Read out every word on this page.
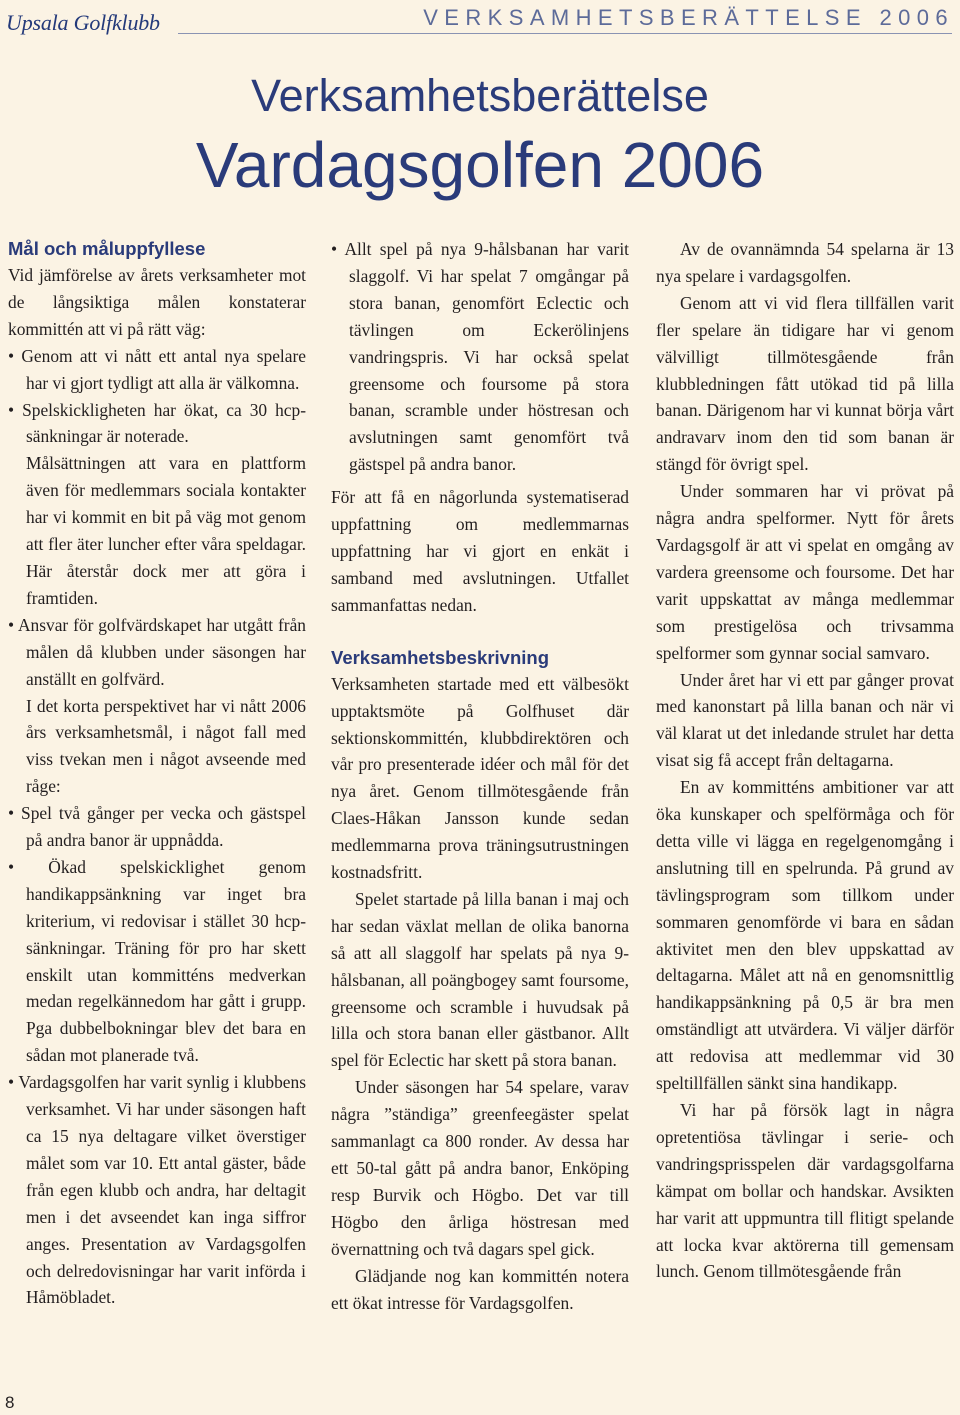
Upsala Golfklubb	VERKSAMHETSBERÄTTELSE 2006
Verksamhetsberättelse
Vardagsgolfen 2006

Mål och måluppfyllese

Vid jämförelse av årets verksamheter mot de långsiktiga målen konstaterar kommittén att vi på rätt väg:

• Genom att vi nått ett antal nya spelare har vi gjort tydligt att alla är välkomna.

• Spelskickligheten har ökat, ca 30 hcp-sänkningar är noterade.

Målsättningen att vara en plattform även för medlemmars sociala kontakter har vi kommit en bit på väg mot genom att fler äter luncher efter våra speldagar. Här återstår dock mer att göra i framtiden.

• Ansvar för golfvärdskapet har utgått från målen då klubben under säsongen har anställt en golfvärd.

I det korta perspektivet har vi nått 2006 års verksamhetsmål, i något fall med viss tvekan men i något avseende med råge:

• Spel två gånger per vecka och gästspel på andra banor är uppnådda.

• Ökad spelskicklighet genom handikappsänkning var inget bra kriterium, vi redovisar i stället 30 hcp-sänkningar. Träning för pro har skett enskilt utan kommitténs medverkan medan regelkännedom har gått i grupp. Pga dubbelbokningar blev det bara en sådan mot planerade två.

• Vardagsgolfen har varit synlig i klubbens verksamhet. Vi har under säsongen haft ca 15 nya deltagare vilket överstiger målet som var 10. Ett antal gäster, både från egen klubb och andra, har deltagit men i det avseendet kan inga siffror anges. Presentation av Vardagsgolfen och delredovisningar har varit införda i Håmöbladet.

• Allt spel på nya 9-hålsbanan har varit slaggolf. Vi har spelat 7 omgångar på stora banan, genomfört Eclectic och tävlingen om Eckerölinjens vandringspris. Vi har också spelat greensome och foursome på stora banan, scramble under höstresan och avslutningen samt genomfört två gästspel på andra banor.

För att få en någorlunda systematiserad uppfattning om medlemmarnas uppfattning har vi gjort en enkät i samband med avslutningen. Utfallet sammanfattas nedan.

Verksamhetsbeskrivning

Verksamheten startade med ett välbesökt upptaktsmöte på Golfhuset där sektionskommittén, klubbdirektören och vår pro presenterade idéer och mål för det nya året. Genom tillmötesgående från Claes-Håkan Jansson kunde sedan medlemmarna prova träningsutrustningen kostnadsfritt.

Spelet startade på lilla banan i maj och har sedan växlat mellan de olika banorna så att all slaggolf har spelats på nya 9-hålsbanan, all poängbogey samt foursome, greensome och scramble i huvudsak på lilla och stora banan eller gästbanor. Allt spel för Eclectic har skett på stora banan.

Under säsongen har 54 spelare, varav några ”ständiga” greenfeegäster spelat sammanlagt ca 800 ronder. Av dessa har ett 50-tal gått på andra banor, Enköping resp Burvik och Högbo. Det var till Högbo den årliga höstresan med övernattning och två dagars spel gick.

Glädjande nog kan kommittén notera ett ökat intresse för Vardagsgolfen.

Av de ovannämnda 54 spelarna är 13 nya spelare i vardagsgolfen.

Genom att vi vid flera tillfällen varit fler spelare än tidigare har vi genom välvilligt tillmötesgående från klubbledningen fått utökad tid på lilla banan. Därigenom har vi kunnat börja vårt andravarv inom den tid som banan är stängd för övrigt spel.

Under sommaren har vi prövat på några andra spelformer. Nytt för årets Vardagsgolf är att vi spelat en omgång av vardera greensome och foursome. Det har varit uppskattat av många medlemmar som prestigelösa och trivsamma spelformer som gynnar social samvaro.

Under året har vi ett par gånger provat med kanonstart på lilla banan och när vi väl klarat ut det inledande strulet har detta visat sig få accept från deltagarna.

En av kommitténs ambitioner var att öka kunskaper och spelförmåga och för detta ville vi lägga en regelgenomgång i anslutning till en spelrunda. På grund av tävlingsprogram som tillkom under sommaren genomförde vi bara en sådan aktivitet men den blev uppskattad av deltagarna. Målet att nå en genomsnittlig handikappsänkning på 0,5 är bra men omständligt att utvärdera. Vi väljer därför att redovisa att medlemmar vid 30 speltillfällen sänkt sina handikapp.

Vi har på försök lagt in några opretentiösa tävlingar i serie- och vandringsprisspelen där vardagsgolfarna kämpat om bollar och handskar. Avsikten har varit att uppmuntra till flitigt spelande att locka kvar aktörerna till gemensam lunch. Genom tillmötesgående från

8
